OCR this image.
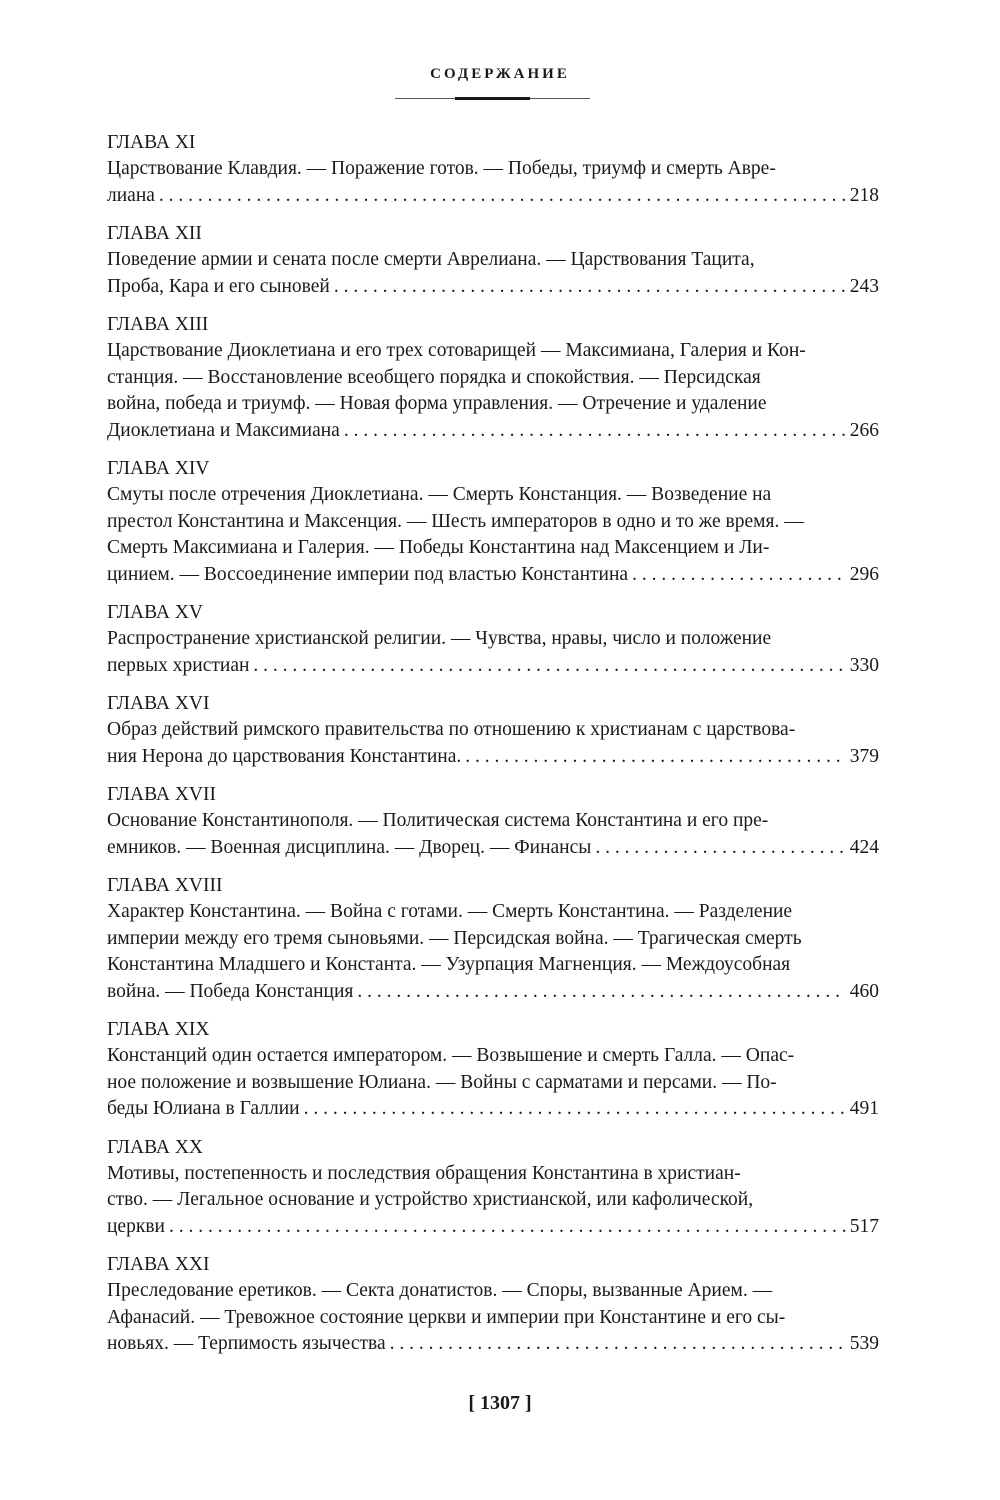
СОДЕРЖАНИЕ
ГЛАВА XI
Царствование Клавдия. — Поражение готов. — Победы, триумф и смерть Авре-
лиана . . .	218
ГЛАВА XII
Поведение армии и сената после смерти Аврелиана. — Царствования Тацита,
Проба, Кара и его сыновей . . .	243
ГЛАВА XIII
Царствование Диоклетиана и его трех сотоварищей — Максимиана, Галерия и Кон-
станция. — Восстановление всеобщего порядка и спокойствия. — Персидская
война, победа и триумф. — Новая форма управления. — Отречение и удаление
Диоклетиана и Максимиана . . .	266
ГЛАВА XIV
Смуты после отречения Диоклетиана. — Смерть Констанция. — Возведение на
престол Константина и Максенция. — Шесть императоров в одно и то же время. —
Смерть Максимиана и Галерия. — Победы Константина над Максенцием и Ли-
цинием. — Воссоединение империи под властью Константина . . .	296
ГЛАВА XV
Распространение христианской религии. — Чувства, нравы, число и положение
первых христиан . . .	330
ГЛАВА XVI
Образ действий римского правительства по отношению к христианам с царствова-
ния Нерона до царствования Константина. . . .	379
ГЛАВА XVII
Основание Константинополя. — Политическая система Константина и его пре-
емников. — Военная дисциплина. — Дворец. — Финансы . . .	424
ГЛАВА XVIII
Характер Константина. — Война с готами. — Смерть Константина. — Разделение
империи между его тремя сыновьями. — Персидская война. — Трагическая смерть
Константина Младшего и Константа. — Узурпация Магненция. — Междоусобная
война. — Победа Констанция . . .	460
ГЛАВА XIX
Констанций один остается императором. — Возвышение и смерть Галла. — Опас-
ное положение и возвышение Юлиана. — Войны с сарматами и персами. — По-
беды Юлиана в Галлии . . .	491
ГЛАВА XX
Мотивы, постепенность и последствия обращения Константина в христиан-
ство. — Легальное основание и устройство христианской, или кафолической,
церкви . . .	517
ГЛАВА XXI
Преследование еретиков. — Секта донатистов. — Споры, вызванные Арием. —
Афанасий. — Тревожное состояние церкви и империи при Константине и его сы-
новьях. — Терпимость язычества . . .	539
[ 1307 ]
